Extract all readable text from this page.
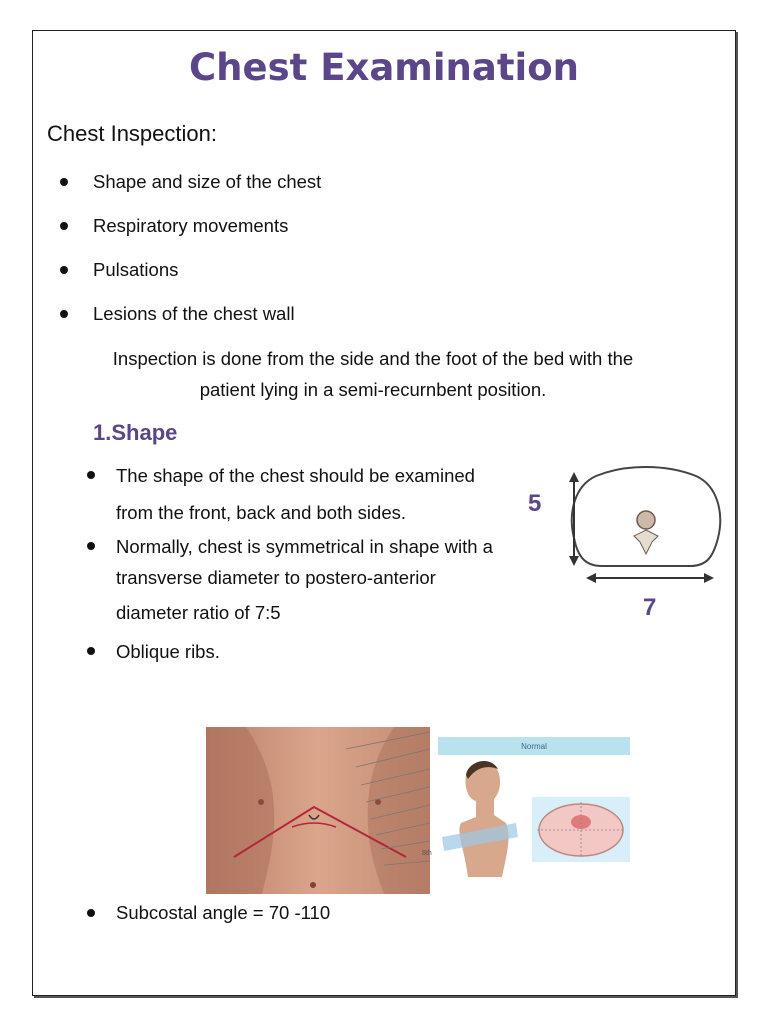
Chest Examination
Chest Inspection:
Shape and size of the chest
Respiratory movements
Pulsations
Lesions of the chest wall
Inspection is done from the side and the foot of the bed with the
patient lying in a semi-recurnbent position.
1.Shape
The shape of the chest should be examined
from the front, back and both sides.
Normally, chest is symmetrical in shape with a
transverse diameter to postero-anterior
diameter ratio of 7:5
Oblique ribs.
5
7
8th
Normal
Subcostal angle = 70 -110
